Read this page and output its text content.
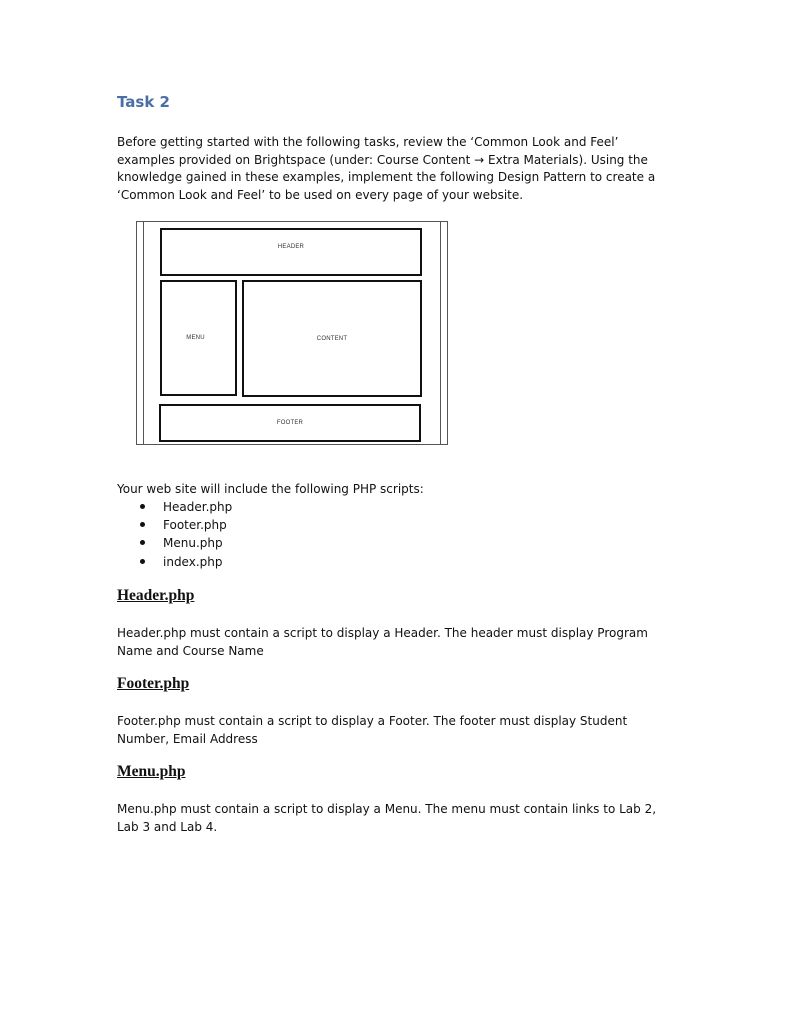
Task 2

Before getting started with the following tasks, review the ‘Common Look and Feel’ examples provided on Brightspace (under: Course Content → Extra Materials). Using the knowledge gained in these examples, implement the following Design Pattern to create a ‘Common Look and Feel’ to be used on every page of your website.

HEADER
MENU	CONTENT
FOOTER

Your web site will include the following PHP scripts:

Header.php
Footer.php
Menu.php
index.php
Header.php

Header.php must contain a script to display a Header. The header must display Program Name and Course Name

Footer.php

Footer.php must contain a script to display a Footer. The footer must display Student Number, Email Address

Menu.php

Menu.php must contain a script to display a Menu. The menu must contain links to Lab 2, Lab 3 and Lab 4.
